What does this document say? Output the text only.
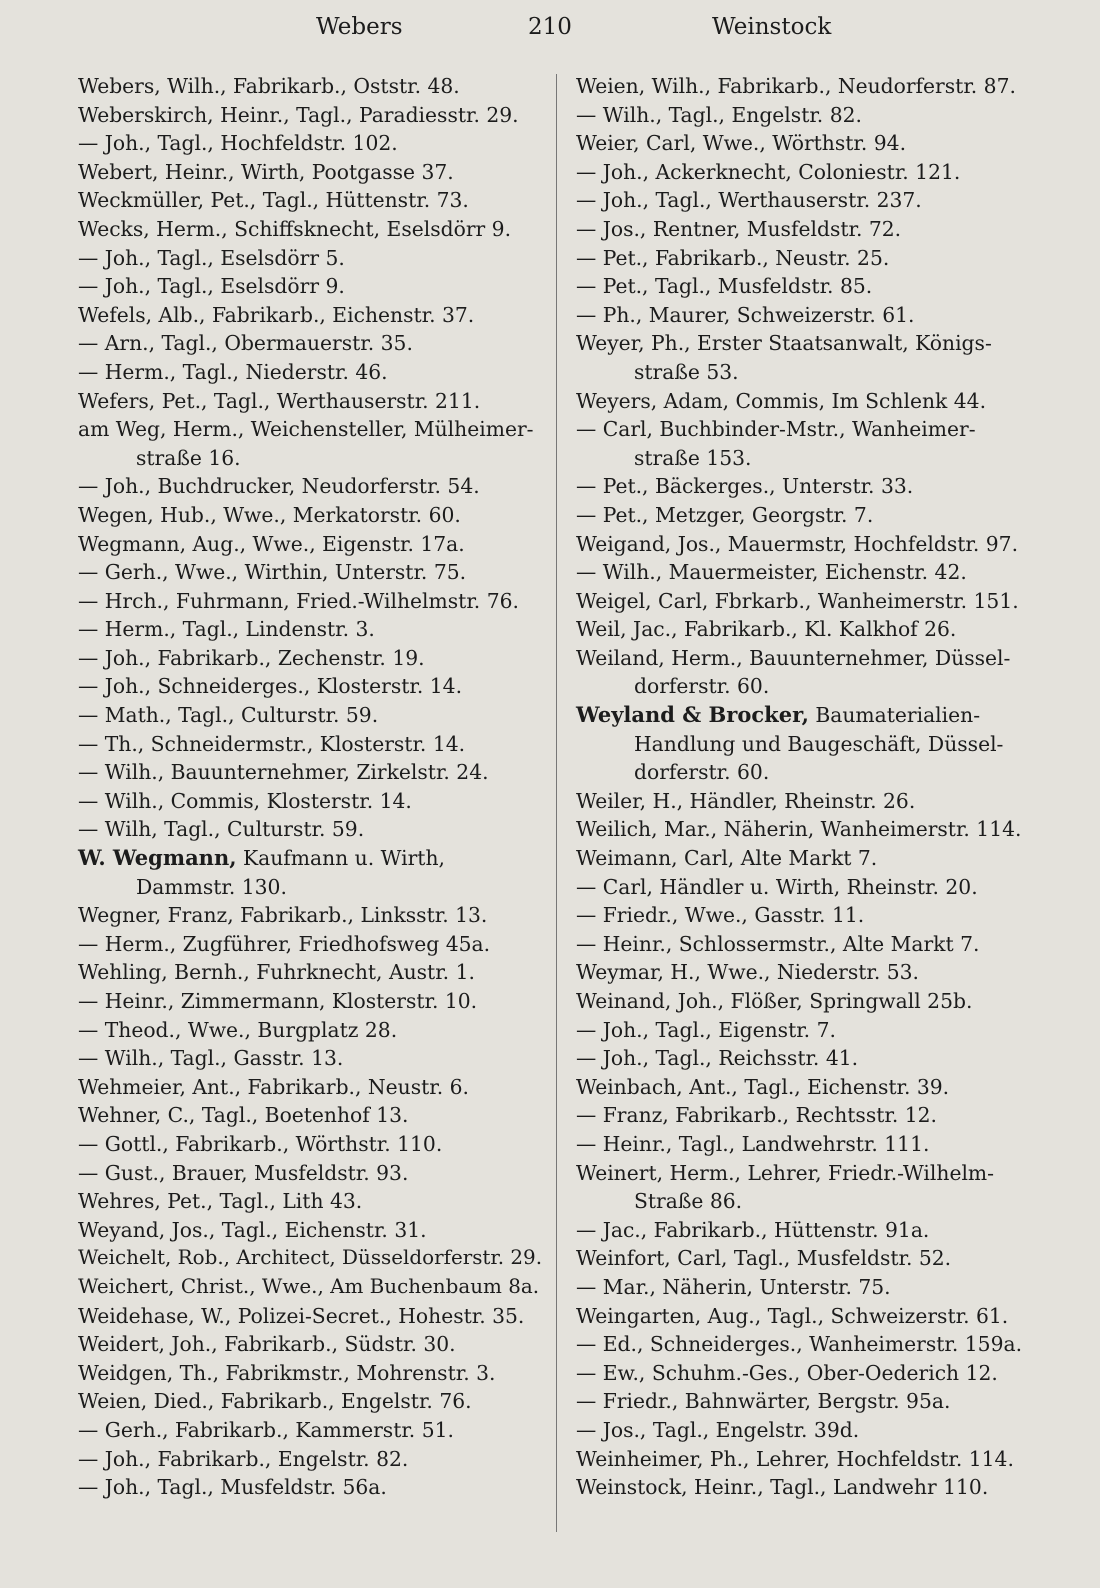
Webers	210	Weinstock
Webers, Wilh., Fabrikarb., Oststr. 48.
Weberskirch, Heinr., Tagl., Paradiesstr. 29.
— Joh., Tagl., Hochfeldstr. 102.
Webert, Heinr., Wirth, Pootgasse 37.
Weckmüller, Pet., Tagl., Hüttenstr. 73.
Wecks, Herm., Schiffsknecht, Eselsdörr 9.
— Joh., Tagl., Eselsdörr 5.
— Joh., Tagl., Eselsdörr 9.
Wefels, Alb., Fabrikarb., Eichenstr. 37.
— Arn., Tagl., Obermauerstr. 35.
— Herm., Tagl., Niederstr. 46.
Wefers, Pet., Tagl., Werthauserstr. 211.
am Weg, Herm., Weichensteller, Mülheimer-
straße 16.
— Joh., Buchdrucker, Neudorferstr. 54.
Wegen, Hub., Wwe., Merkatorstr. 60.
Wegmann, Aug., Wwe., Eigenstr. 17a.
— Gerh., Wwe., Wirthin, Unterstr. 75.
— Hrch., Fuhrmann, Fried.-Wilhelmstr. 76.
— Herm., Tagl., Lindenstr. 3.
— Joh., Fabrikarb., Zechenstr. 19.
— Joh., Schneiderges., Klosterstr. 14.
— Math., Tagl., Culturstr. 59.
— Th., Schneidermstr., Klosterstr. 14.
— Wilh., Bauunternehmer, Zirkelstr. 24.
— Wilh., Commis, Klosterstr. 14.
— Wilh, Tagl., Culturstr. 59.
W. Wegmann, Kaufmann u. Wirth,
Dammstr. 130.
Wegner, Franz, Fabrikarb., Linksstr. 13.
— Herm., Zugführer, Friedhofsweg 45a.
Wehling, Bernh., Fuhrknecht, Austr. 1.
— Heinr., Zimmermann, Klosterstr. 10.
— Theod., Wwe., Burgplatz 28.
— Wilh., Tagl., Gasstr. 13.
Wehmeier, Ant., Fabrikarb., Neustr. 6.
Wehner, C., Tagl., Boetenhof 13.
— Gottl., Fabrikarb., Wörthstr. 110.
— Gust., Brauer, Musfeldstr. 93.
Wehres, Pet., Tagl., Lith 43.
Weyand, Jos., Tagl., Eichenstr. 31.
Weichelt, Rob., Architect, Düsseldorferstr. 29.
Weichert, Christ., Wwe., Am Buchenbaum 8a.
Weidehase, W., Polizei-Secret., Hohestr. 35.
Weidert, Joh., Fabrikarb., Südstr. 30.
Weidgen, Th., Fabrikmstr., Mohrenstr. 3.
Weien, Died., Fabrikarb., Engelstr. 76.
— Gerh., Fabrikarb., Kammerstr. 51.
— Joh., Fabrikarb., Engelstr. 82.
— Joh., Tagl., Musfeldstr. 56a.
Weien, Wilh., Fabrikarb., Neudorferstr. 87.
— Wilh., Tagl., Engelstr. 82.
Weier, Carl, Wwe., Wörthstr. 94.
— Joh., Ackerknecht, Coloniestr. 121.
— Joh., Tagl., Werthauserstr. 237.
— Jos., Rentner, Musfeldstr. 72.
— Pet., Fabrikarb., Neustr. 25.
— Pet., Tagl., Musfeldstr. 85.
— Ph., Maurer, Schweizerstr. 61.
Weyer, Ph., Erster Staatsanwalt, Königs-
straße 53.
Weyers, Adam, Commis, Im Schlenk 44.
— Carl, Buchbinder-Mstr., Wanheimer-
straße 153.
— Pet., Bäckerges., Unterstr. 33.
— Pet., Metzger, Georgstr. 7.
Weigand, Jos., Mauermstr, Hochfeldstr. 97.
— Wilh., Mauermeister, Eichenstr. 42.
Weigel, Carl, Fbrkarb., Wanheimerstr. 151.
Weil, Jac., Fabrikarb., Kl. Kalkhof 26.
Weiland, Herm., Bauunternehmer, Düssel-
dorferstr. 60.
Weyland & Brocker, Baumaterialien-
Handlung und Baugeschäft, Düssel-
dorferstr. 60.
Weiler, H., Händler, Rheinstr. 26.
Weilich, Mar., Näherin, Wanheimerstr. 114.
Weimann, Carl, Alte Markt 7.
— Carl, Händler u. Wirth, Rheinstr. 20.
— Friedr., Wwe., Gasstr. 11.
— Heinr., Schlossermstr., Alte Markt 7.
Weymar, H., Wwe., Niederstr. 53.
Weinand, Joh., Flößer, Springwall 25b.
— Joh., Tagl., Eigenstr. 7.
— Joh., Tagl., Reichsstr. 41.
Weinbach, Ant., Tagl., Eichenstr. 39.
— Franz, Fabrikarb., Rechtsstr. 12.
— Heinr., Tagl., Landwehrstr. 111.
Weinert, Herm., Lehrer, Friedr.-Wilhelm-
Straße 86.
— Jac., Fabrikarb., Hüttenstr. 91a.
Weinfort, Carl, Tagl., Musfeldstr. 52.
— Mar., Näherin, Unterstr. 75.
Weingarten, Aug., Tagl., Schweizerstr. 61.
— Ed., Schneiderges., Wanheimerstr. 159a.
— Ew., Schuhm.-Ges., Ober-Oederich 12.
— Friedr., Bahnwärter, Bergstr. 95a.
— Jos., Tagl., Engelstr. 39d.
Weinheimer, Ph., Lehrer, Hochfeldstr. 114.
Weinstock, Heinr., Tagl., Landwehr 110.
